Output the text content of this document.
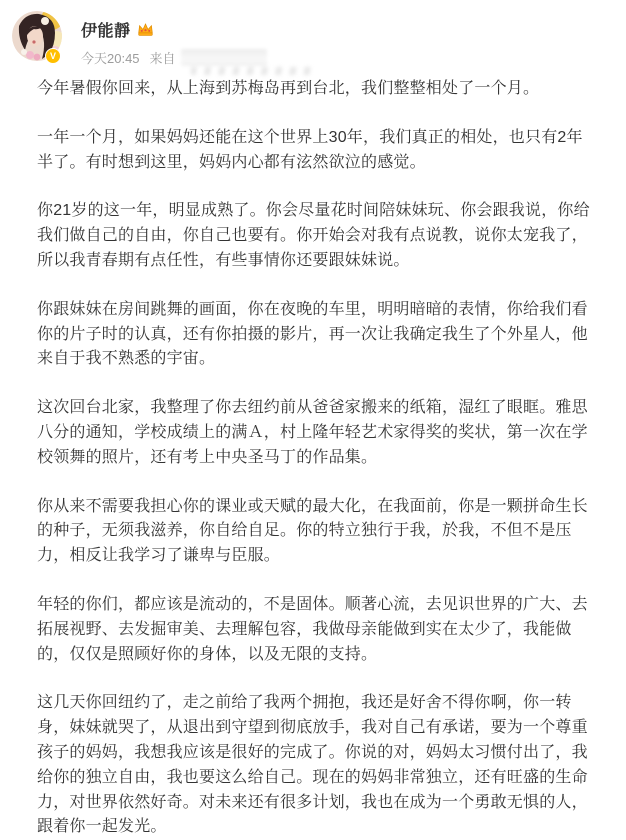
V
伊能靜
今天20:45 来自

今年暑假你回来，从上海到苏梅岛再到台北，我们整整相处了一个月。

一年一个月，如果妈妈还能在这个世界上30年，我们真正的相处，也只有2年半了。有时想到这里，妈妈内心都有泫然欲泣的感觉。

你21岁的这一年，明显成熟了。你会尽量花时间陪妹妹玩、你会跟我说，你给我们做自己的自由，你自己也要有。你开始会对我有点说教，说你太宠我了，所以我青春期有点任性，有些事情你还要跟妹妹说。

你跟妹妹在房间跳舞的画面，你在夜晚的车里，明明暗暗的表情，你给我们看你的片子时的认真，还有你拍摄的影片，再一次让我确定我生了个外星人，他来自于我不熟悉的宇宙。

这次回台北家，我整理了你去纽约前从爸爸家搬来的纸箱，湿红了眼眶。雅思八分的通知，学校成绩上的满Ａ，村上隆年轻艺术家得奖的奖状，第一次在学校领舞的照片，还有考上中央圣马丁的作品集。

你从来不需要我担心你的课业或天赋的最大化，在我面前，你是一颗拼命生长的种子，无须我滋养，你自给自足。你的特立独行于我，於我，不但不是压力，相反让我学习了谦卑与臣服。

年轻的你们，都应该是流动的，不是固体。顺著心流，去见识世界的广大、去拓展视野、去发掘审美、去理解包容，我做母亲能做到实在太少了，我能做的，仅仅是照顾好你的身体，以及无限的支持。

这几天你回纽约了，走之前给了我两个拥抱，我还是好舍不得你啊，你一转身，妹妹就哭了，从退出到守望到彻底放手，我对自己有承诺，要为一个尊重孩子的妈妈，我想我应该是很好的完成了。你说的对，妈妈太习惯付出了，我给你的独立自由，我也要这么给自己。现在的妈妈非常独立，还有旺盛的生命力，对世界依然好奇。对未来还有很多计划，我也在成为一个勇敢无惧的人，跟着你一起发光。
